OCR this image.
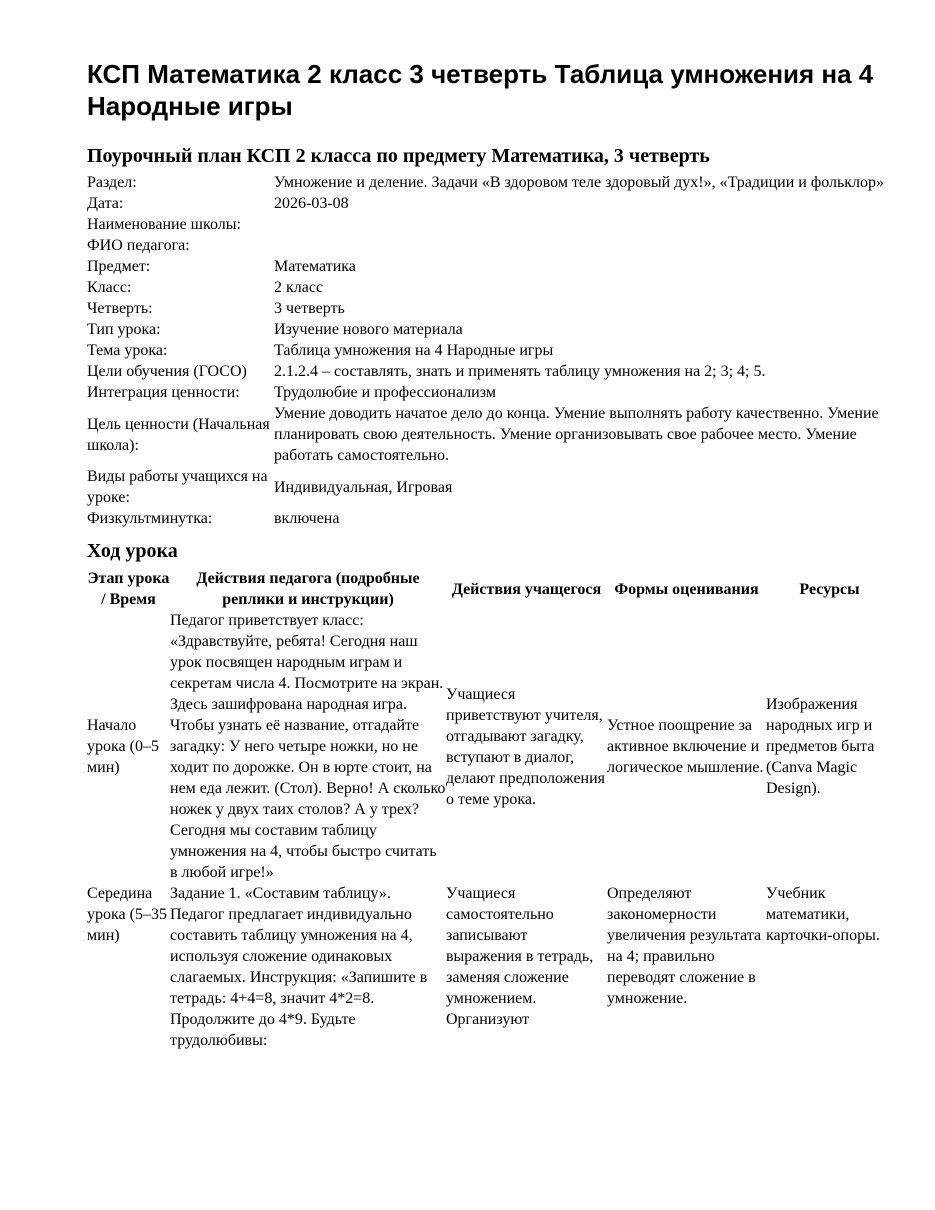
КСП Математика 2 класс 3 четверть Таблица умножения на 4 Народные игры
Поурочный план КСП 2 класса по предмету Математика, 3 четверть
Раздел:	Умножение и деление. Задачи «В здоровом теле здоровый дух!», «Традиции и фольклор»
Дата:	2026-03-08
Наименование школы:	
ФИО педагога:	
Предмет:	Математика
Класс:	2 класс
Четверть:	3 четверть
Тип урока:	Изучение нового материала
Тема урока:	Таблица умножения на 4 Народные игры
Цели обучения (ГОСО)	2.1.2.4 – составлять, знать и применять таблицу умножения на 2; 3; 4; 5.
Интеграция ценности:	Трудолюбие и профессионализм
Цель ценности (Начальная школа):	Умение доводить начатое дело до конца. Умение выполнять работу качественно. Умение планировать свою деятельность. Умение организовывать свое рабочее место. Умение работать самостоятельно.
Виды работы учащихся на уроке:	Индивидуальная, Игровая
Физкультминутка:	включена
Ход урока
Этап урока / Время	Действия педагога (подробные реплики и инструкции)	Действия учащегося	Формы оценивания	Ресурсы
Начало урока (0–5 мин)	Педагог приветствует класс: «Здравствуйте, ребята! Сегодня наш урок посвящен народным играм и секретам числа 4. Посмотрите на экран. Здесь зашифрована народная игра. Чтобы узнать её название, отгадайте загадку: У него четыре ножки, но не ходит по дорожке. Он в юрте стоит, на нем еда лежит. (Стол). Верно! А сколько ножек у двух таих столов? А у трех? Сегодня мы составим таблицу умножения на 4, чтобы быстро считать в любой игре!»	Учащиеся приветствуют учителя, отгадывают загадку, вступают в диалог, делают предположения о теме урока.	Устное поощрение за активное включение и логическое мышление.	Изображения народных игр и предметов быта (Canva Magic Design).
Середина урока (5–35 мин)	Задание 1. «Составим таблицу». Педагог предлагает индивидуально составить таблицу умножения на 4, используя сложение одинаковых слагаемых. Инструкция: «Запишите в тетрадь: 4+4=8, значит 4*2=8. Продолжите до 4*9. Будьте трудолюбивы:	Учащиеся самостоятельно записывают выражения в тетрадь, заменяя сложение умножением. Организуют	Определяют закономерности увеличения результата на 4; правильно переводят сложение в умножение.	Учебник математики, карточки-опоры.
